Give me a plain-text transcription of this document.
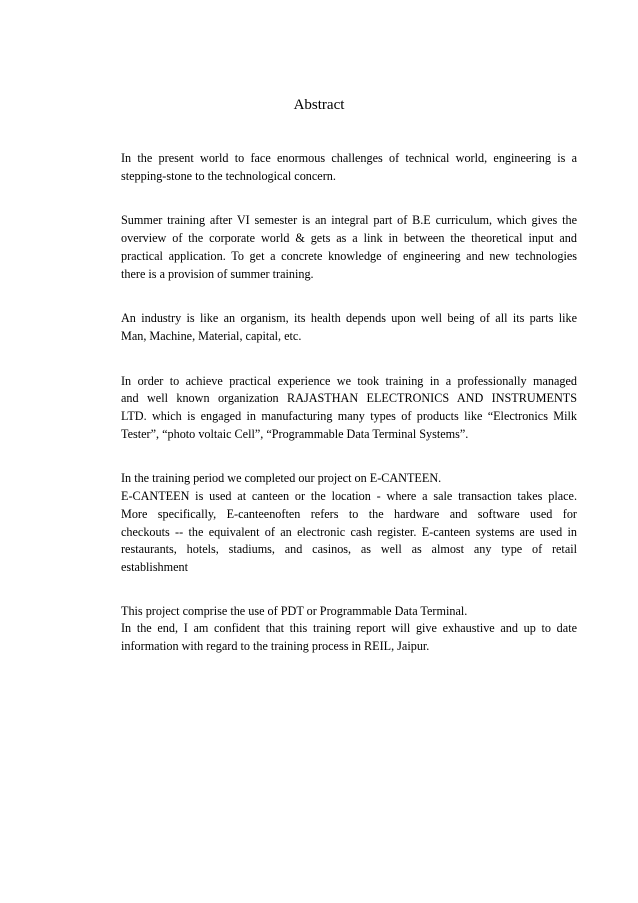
Abstract
In the present world to face enormous challenges of technical world, engineering is a
stepping-stone to the technological concern.
Summer training after VI semester is an integral part of B.E curriculum, which gives the
overview of the corporate world & gets as a link in between the theoretical input and
practical application. To get a concrete knowledge of engineering and new technologies
there is a provision of summer training.
An industry is like an organism, its health depends upon well being of all its parts like
Man, Machine, Material, capital, etc.
In order to achieve practical experience we took training in a professionally managed
and well known organization RAJASTHAN ELECTRONICS AND INSTRUMENTS
LTD. which is engaged in manufacturing many types of products like “Electronics Milk
Tester”, “photo voltaic Cell”, “Programmable Data Terminal Systems”.
In the training period we completed our project on E-CANTEEN.
E-CANTEEN is used at canteen or the location - where a sale transaction takes place.
More specifically, E-canteenoften refers to the hardware and software used for
checkouts -- the equivalent of an electronic cash register. E-canteen systems are used in
restaurants, hotels, stadiums, and casinos, as well as almost any type of retail
establishment
This project comprise the use of PDT or Programmable Data Terminal.
In the end, I am confident that this training report will give exhaustive and up to date
information with regard to the training process in REIL, Jaipur.
